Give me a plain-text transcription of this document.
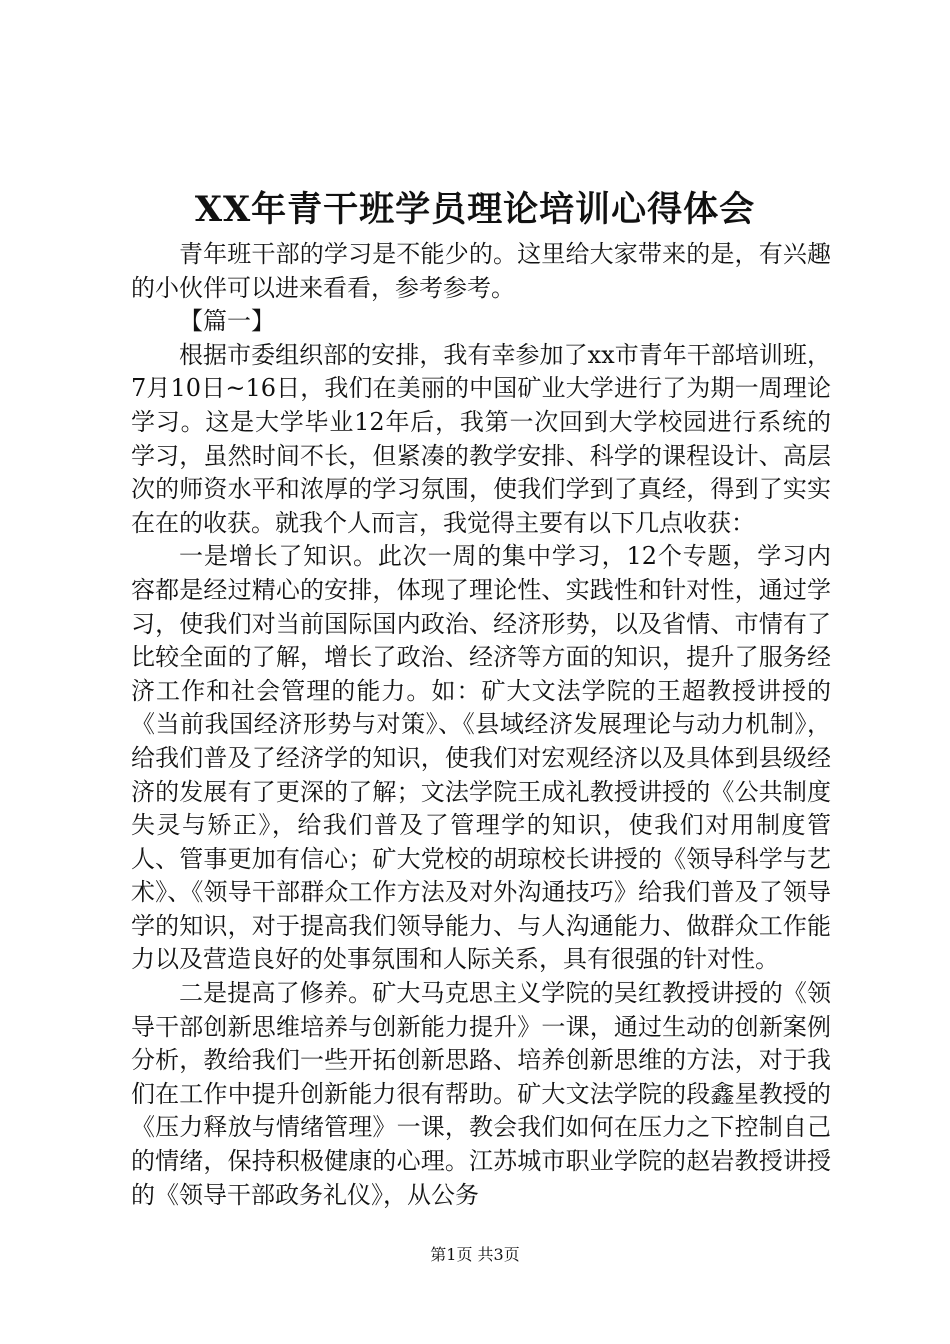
XX年青干班学员理论培训心得体会

青年班干部的学习是不能少的。这里给大家带来的是，有兴趣的小伙伴可以进来看看，参考参考。

【篇一】

根据市委组织部的安排，我有幸参加了xx市青年干部培训班，7月10日~16日，我们在美丽的中国矿业大学进行了为期一周理论学习。这是大学毕业12年后，我第一次回到大学校园进行系统的学习，虽然时间不长，但紧凑的教学安排、科学的课程设计、高层次的师资水平和浓厚的学习氛围，使我们学到了真经，得到了实实在在的收获。就我个人而言，我觉得主要有以下几点收获：

一是增长了知识。此次一周的集中学习，12个专题，学习内容都是经过精心的安排，体现了理论性、实践性和针对性，通过学习，使我们对当前国际国内政治、经济形势，以及省情、市情有了比较全面的了解，增长了政治、经济等方面的知识，提升了服务经济工作和社会管理的能力。如：矿大文法学院的王超教授讲授的《当前我国经济形势与对策》、《县域经济发展理论与动力机制》，给我们普及了经济学的知识，使我们对宏观经济以及具体到县级经济的发展有了更深的了解；文法学院王成礼教授讲授的《公共制度失灵与矫正》，给我们普及了管理学的知识，使我们对用制度管人、管事更加有信心；矿大党校的胡琼校长讲授的《领导科学与艺术》、《领导干部群众工作方法及对外沟通技巧》给我们普及了领导学的知识，对于提高我们领导能力、与人沟通能力、做群众工作能力以及营造良好的处事氛围和人际关系，具有很强的针对性。

二是提高了修养。矿大马克思主义学院的吴红教授讲授的《领导干部创新思维培养与创新能力提升》一课，通过生动的创新案例分析，教给我们一些开拓创新思路、培养创新思维的方法，对于我们在工作中提升创新能力很有帮助。矿大文法学院的段鑫星教授的《压力释放与情绪管理》一课，教会我们如何在压力之下控制自己的情绪，保持积极健康的心理。江苏城市职业学院的赵岩教授讲授的《领导干部政务礼仪》，从公务

第1页 共3页
